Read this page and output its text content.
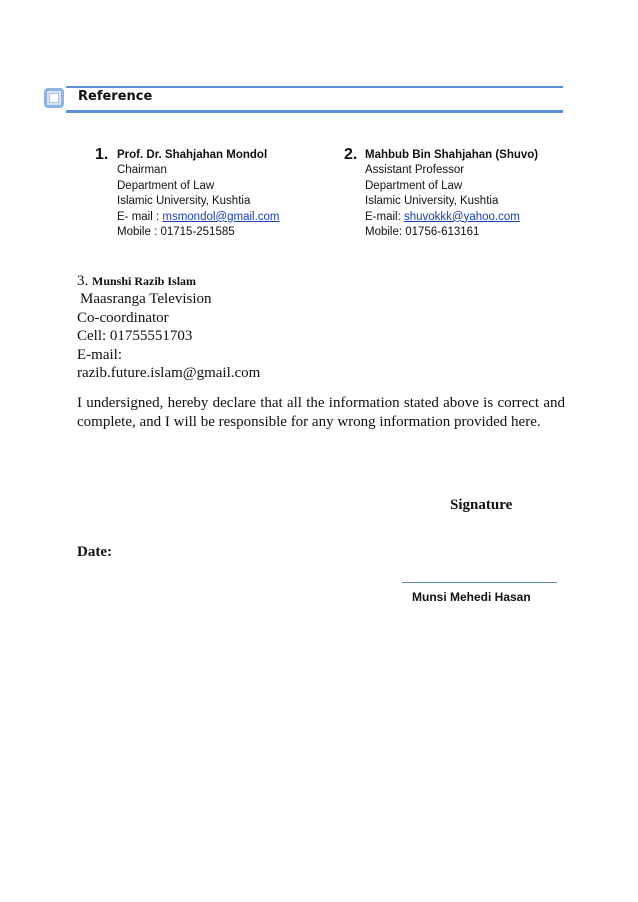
Reference
1. Prof. Dr. Shahjahan Mondol
Chairman
Department of Law
Islamic University, Kushtia
E- mail : msmondol@gmail.com
Mobile : 01715-251585
2. Mahbub Bin Shahjahan (Shuvo)
Assistant Professor
Department of Law
Islamic University, Kushtia
E-mail: shuvokkk@yahoo.com
Mobile: 01756-613161
3. Munshi Razib Islam
Maasranga Television
Co-coordinator
Cell: 01755551703
E-mail:
razib.future.islam@gmail.com
I undersigned, hereby declare that all the information stated above is correct and complete, and I will be responsible for any wrong information provided here.
Signature
Date:
Munsi Mehedi Hasan
